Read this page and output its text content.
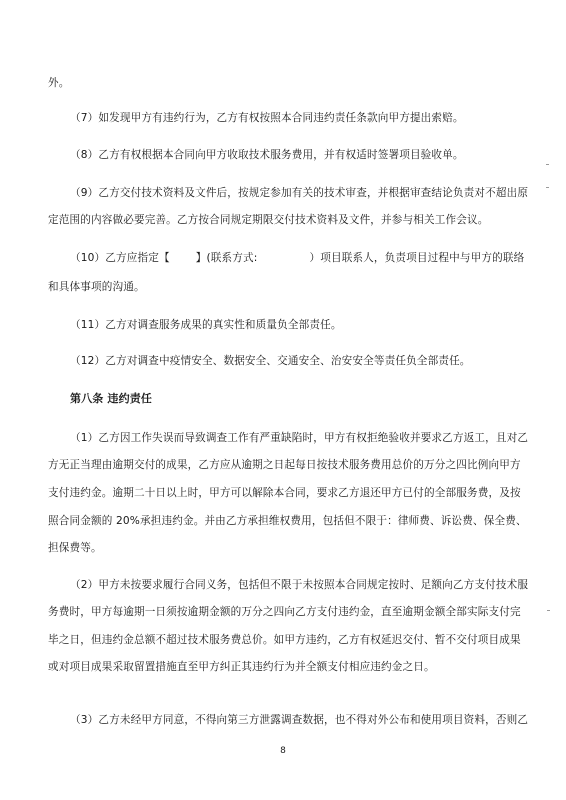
外。
（7）如发现甲方有违约行为，乙方有权按照本合同违约责任条款向甲方提出索赔。
（8）乙方有权根据本合同向甲方收取技术服务费用，并有权适时签署项目验收单。
（9）乙方交付技术资料及文件后，按规定参加有关的技术审查，并根据审查结论负责对不超出原
定范围的内容做必要完善。乙方按合同规定期限交付技术资料及文件，并参与相关工作会议。
（10）乙方应指定【 】(联系方式:	）项目联系人，负责项目过程中与甲方的联络
和具体事项的沟通。
（11）乙方对调查服务成果的真实性和质量负全部责任。
（12）乙方对调查中疫情安全、数据安全、交通安全、治安安全等责任负全部责任。
第八条 违约责任
（1）乙方因工作失误而导致调查工作有严重缺陷时，甲方有权拒绝验收并要求乙方返工，且对乙
方无正当理由逾期交付的成果，乙方应从逾期之日起每日按技术服务费用总价的万分之四比例向甲方
支付违约金。逾期二十日以上时，甲方可以解除本合同，要求乙方退还甲方已付的全部服务费，及按
照合同金额的 20%承担违约金。并由乙方承担维权费用，包括但不限于：律师费、诉讼费、保全费、
担保费等。
（2）甲方未按要求履行合同义务，包括但不限于未按照本合同规定按时、足额向乙方支付技术服
务费时，甲方每逾期一日须按逾期金额的万分之四向乙方支付违约金，直至逾期金额全部实际支付完
毕之日，但违约金总额不超过技术服务费总价。如甲方违约，乙方有权延迟交付、暂不交付项目成果
或对项目成果采取留置措施直至甲方纠正其违约行为并全额支付相应违约金之日。
（3）乙方未经甲方同意，不得向第三方泄露调查数据，也不得对外公布和使用项目资料，否则乙
8
